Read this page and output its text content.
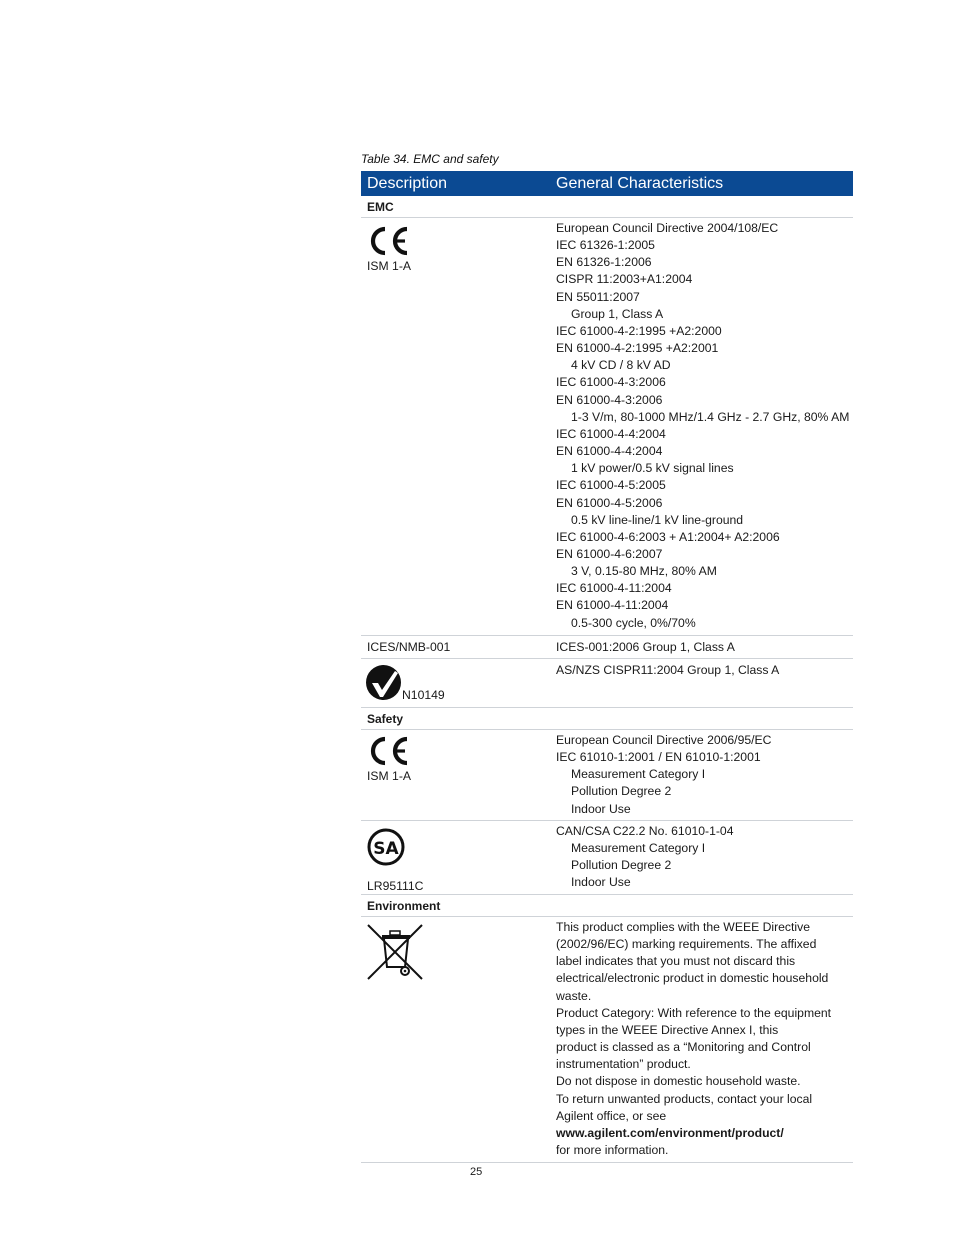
Table 34. EMC and safety
Description	General Characteristics
EMC
ISM 1-A
European Council Directive 2004/108/EC
IEC 61326-1:2005
EN 61326-1:2006
CISPR 11:2003+A1:2004
EN 55011:2007
Group 1, Class A
IEC 61000-4-2:1995 +A2:2000
EN 61000-4-2:1995 +A2:2001
4 kV CD / 8 kV AD
IEC 61000-4-3:2006
EN 61000-4-3:2006
1-3 V/m, 80-1000 MHz/1.4 GHz - 2.7 GHz, 80% AM
IEC 61000-4-4:2004
EN 61000-4-4:2004
1 kV power/0.5 kV signal lines
IEC 61000-4-5:2005
EN 61000-4-5:2006
0.5 kV line-line/1 kV line-ground
IEC 61000-4-6:2003 + A1:2004+ A2:2006
EN 61000-4-6:2007
3 V, 0.15-80 MHz, 80% AM
IEC 61000-4-11:2004
EN 61000-4-11:2004
0.5-300 cycle, 0%/70%
ICES/NMB-001	ICES-001:2006 Group 1, Class A
N10149
AS/NZS CISPR11:2004 Group 1, Class A
Safety
ISM 1-A
European Council Directive 2006/95/EC
IEC 61010-1:2001 / EN 61010-1:2001
Measurement Category I
Pollution Degree 2
Indoor Use
SA
LR95111C
CAN/CSA C22.2 No. 61010-1-04
Measurement Category I
Pollution Degree 2
Indoor Use
Environment
This product complies with the WEEE Directive
(2002/96/EC) marking requirements. The affixed
label indicates that you must not discard this
electrical/electronic product in domestic household
waste.
Product Category: With reference to the equipment
types in the WEEE Directive Annex I, this
product is classed as a “Monitoring and Control
instrumentation” product.
Do not dispose in domestic household waste.
To return unwanted products, contact your local
Agilent office, or see
www.agilent.com/environment/product/
for more information.
25
